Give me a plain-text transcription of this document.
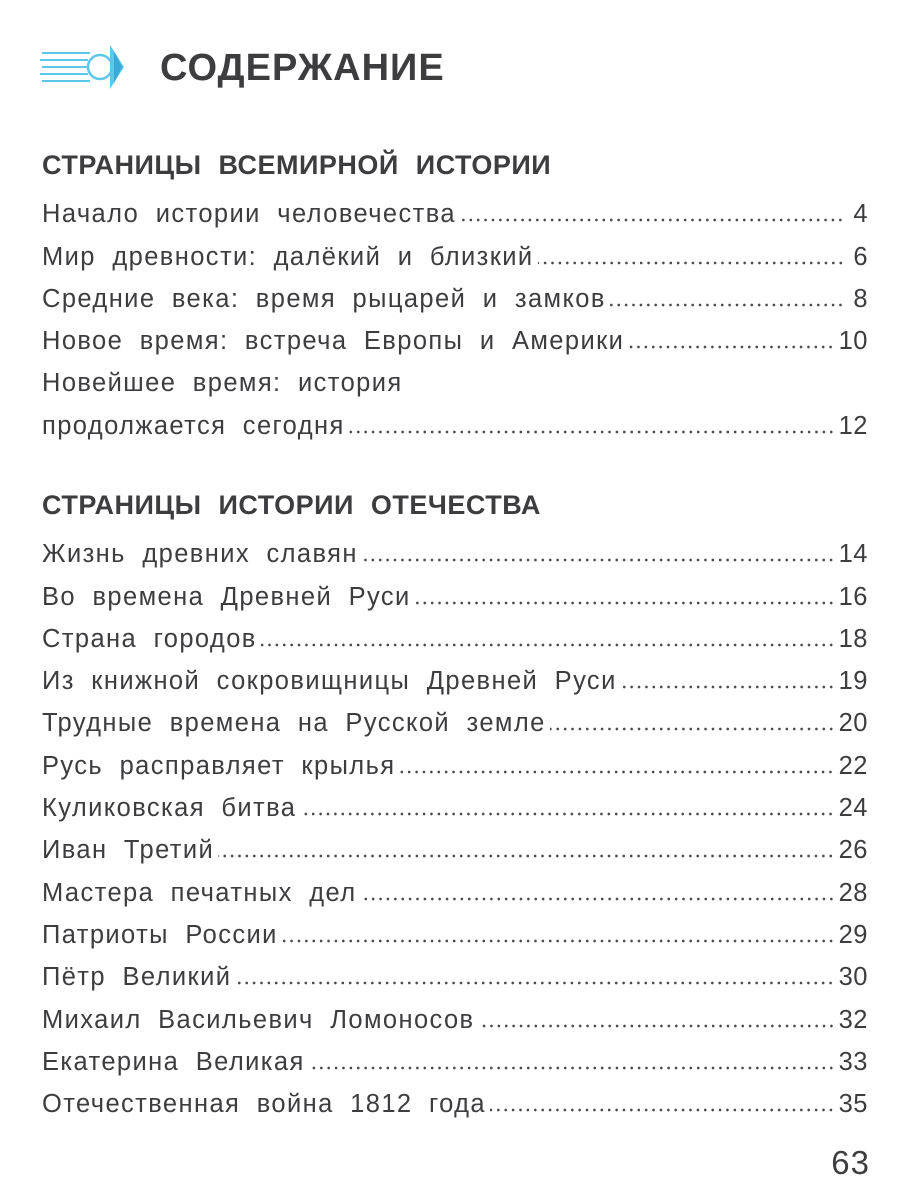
СОДЕРЖАНИЕ
СТРАНИЦЫ ВСЕМИРНОЙ ИСТОРИИ
Начало истории человечества	4
Мир древности: далёкий и близкий	6
Средние века: время рыцарей и замков	8
Новое время: встреча Европы и Америки	10
Новейшее время: история
продолжается сегодня	12
СТРАНИЦЫ ИСТОРИИ ОТЕЧЕСТВА
Жизнь древних славян	14
Во времена Древней Руси	16
Страна городов	18
Из книжной сокровищницы Древней Руси	19
Трудные времена на Русской земле	20
Русь расправляет крылья	22
Куликовская битва	24
Иван Третий	26
Мастера печатных дел	28
Патриоты России	29
Пётр Великий	30
Михаил Васильевич Ломоносов	32
Екатерина Великая	33
Отечественная война 1812 года	35
63
